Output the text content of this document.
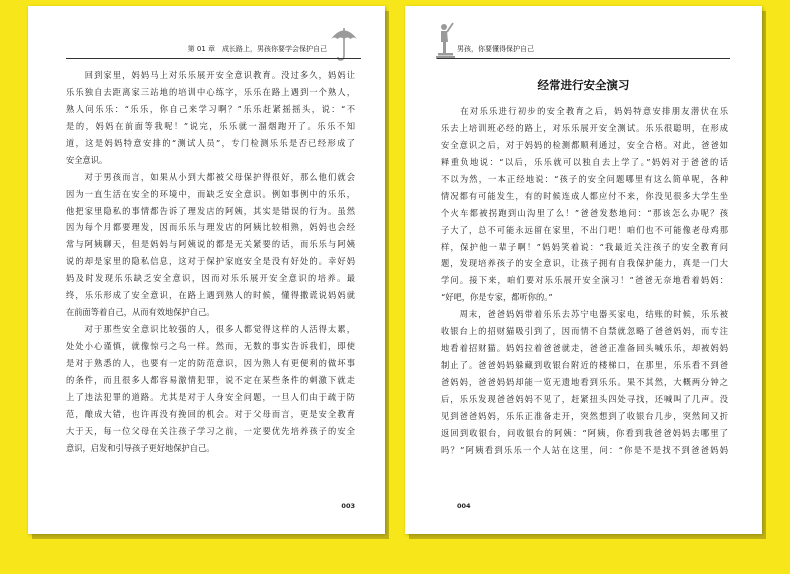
第 01 章　成长路上，男孩你要学会保护自己
　　回到家里，妈妈马上对乐乐展开安全意识教育。没过多久，妈妈让
乐乐独自去距离家三站地的培训中心练字，乐乐在路上遇到一个熟人，
熟人问乐乐：“乐乐，你自己来学习啊？”乐乐赶紧摇摇头，说：“不
是的，妈妈在前面等我呢！”说完，乐乐就一溜烟跑开了。乐乐不知
道，这是妈妈特意安排的“测试人员”，专门检测乐乐是否已经形成了
安全意识。
　　对于男孩而言，如果从小到大都被父母保护得很好，那么他们就会
因为一直生活在安全的环境中，而缺乏安全意识。例如事例中的乐乐，
他把家里隐私的事情都告诉了理发店的阿姨，其实是错误的行为。虽然
因为每个月都要理发，因而乐乐与理发店的阿姨比较相熟，妈妈也会经
常与阿姨聊天，但是妈妈与阿姨说的都是无关紧要的话，而乐乐与阿姨
说的却是家里的隐私信息，这对于保护家庭安全是没有好处的。幸好妈
妈及时发现乐乐缺乏安全意识，因而对乐乐展开安全意识的培养。最
终，乐乐形成了安全意识，在路上遇到熟人的时候，懂得撒谎说妈妈就
在前面等着自己，从而有效地保护自己。
　　对于那些安全意识比较强的人，很多人都觉得这样的人活得太累，
处处小心谨慎，就像惊弓之鸟一样。然而，无数的事实告诉我们，即使
是对于熟悉的人，也要有一定的防范意识，因为熟人有更便利的做坏事
的条件，而且很多人都容易激情犯罪，说不定在某些条件的刺激下就走
上了违法犯罪的道路。尤其是对于人身安全问题，一旦人们由于疏于防
范，酿成大错，也许再没有挽回的机会。对于父母而言，更是安全教育
大于天，每一位父母在关注孩子学习之前，一定要优先培养孩子的安全
意识，启发和引导孩子更好地保护自己。
003
男孩，你要懂得保护自己
经常进行安全演习
　　在对乐乐进行初步的安全教育之后，妈妈特意安排朋友潜伏在乐
乐去上培训班必经的路上，对乐乐展开安全测试。乐乐很聪明，在形成
安全意识之后，对于妈妈的检测都顺利通过，安全合格。对此，爸爸如
释重负地说：“以后，乐乐就可以独自去上学了。”妈妈对于爸爸的话
不以为然，一本正经地说：“孩子的安全问题哪里有这么简单呢，各种
情况都有可能发生，有的时候连成人都应付不来，你没见很多大学生坐
个火车都被拐跑到山沟里了么！”爸爸发愁地问：“那该怎么办呢？孩
子大了，总不可能永远留在家里，不出门吧！咱们也不可能像老母鸡那
样，保护他一辈子啊！”妈妈笑着说：“我最近关注孩子的安全教育问
题，发现培养孩子的安全意识，让孩子拥有自我保护能力，真是一门大
学问。接下来，咱们要对乐乐展开安全演习！”爸爸无奈地看着妈妈：
“好吧，你是专家，都听你的。”
　　周末，爸爸妈妈带着乐乐去苏宁电器买家电，结账的时候，乐乐被
收银台上的招财猫吸引到了，因而情不自禁就忽略了爸爸妈妈，而专注
地看着招财猫。妈妈拉着爸爸就走，爸爸正准备回头喊乐乐，却被妈妈
制止了。爸爸妈妈躲藏到收银台附近的楼梯口，在那里，乐乐看不到爸
爸妈妈，爸爸妈妈却能一览无遗地看到乐乐。果不其然，大概两分钟之
后，乐乐发现爸爸妈妈不见了，赶紧扭头四处寻找，还喊叫了几声。没
见到爸爸妈妈，乐乐正准备走开，突然想到了收银台几步，突然间又折
返回到收银台，问收银台的阿姨：“阿姨，你看到我爸爸妈妈去哪里了
吗？”阿姨看到乐乐一个人站在这里，问：“你是不是找不到爸爸妈妈
004
